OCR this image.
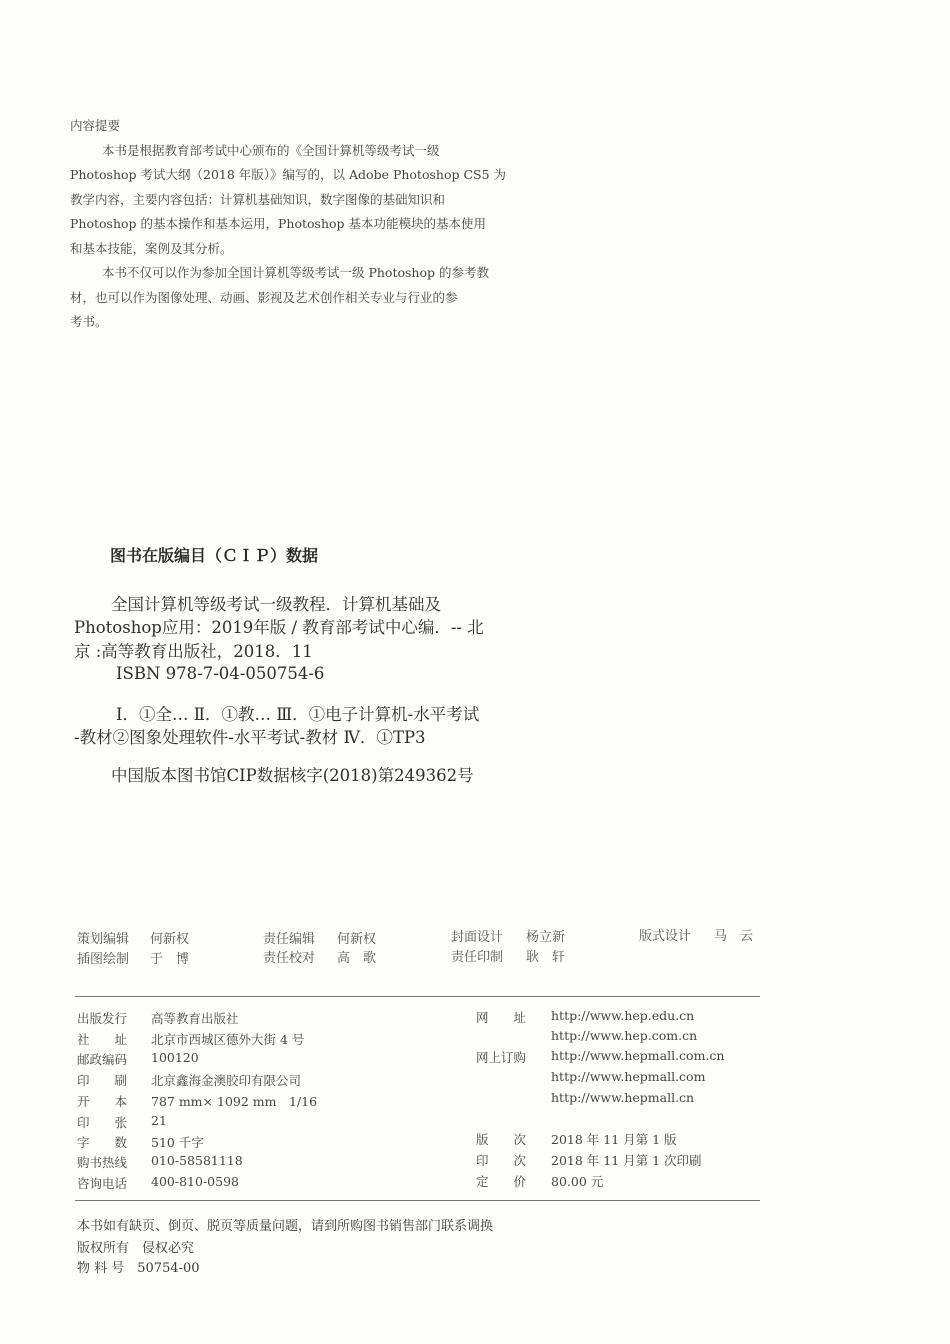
内容提要
本书是根据教育部考试中心颁布的《全国计算机等级考试一级
Photoshop 考试大纲（2018 年版）》编写的，以 Adobe Photoshop CS5 为
教学内容，主要内容包括：计算机基础知识，数字图像的基础知识和
Photoshop 的基本操作和基本运用，Photoshop 基本功能模块的基本使用
和基本技能，案例及其分析。
本书不仅可以作为参加全国计算机等级考试一级 Photoshop 的参考教
材，也可以作为图像处理、动画、影视及艺术创作相关专业与行业的参
考书。
图书在版编目（ＣＩＰ）数据
全国计算机等级考试一级教程．计算机基础及
Photoshop应用：2019年版 / 教育部考试中心编．-- 北
京 :高等教育出版社，2018．11
ISBN 978-7-04-050754-6
Ⅰ．①全… Ⅱ．①教… Ⅲ．①电子计算机-水平考试
-教材②图象处理软件-水平考试-教材 Ⅳ．①TP3
中国版本图书馆CIP数据核字(2018)第249362号
策划编辑 何新权	责任编辑 何新权	封面设计 杨立新	版式设计 马　云
插图绘制 于　博	责任校对 高　歌	责任印制 耿　轩
出版发行 高等教育出版社
社　　址 北京市西城区德外大街 4 号
邮政编码 100120
印　　刷 北京鑫海金澳胶印有限公司
开　　本 787 mm× 1092 mm　1/16
印　　张 21
字　　数 510 千字
购书热线 010-58581118
咨询电话 400-810-0598
网　　址 http://www.hep.edu.cn
http://www.hep.com.cn
网上订购 http://www.hepmall.com.cn
http://www.hepmall.com
http://www.hepmall.cn
版　　次 2018 年 11 月第 1 版
印　　次 2018 年 11 月第 1 次印刷
定　　价 80.00 元
本书如有缺页、倒页、脱页等质量问题，请到所购图书销售部门联系调换
版权所有　侵权必究
物 料 号　50754-00
